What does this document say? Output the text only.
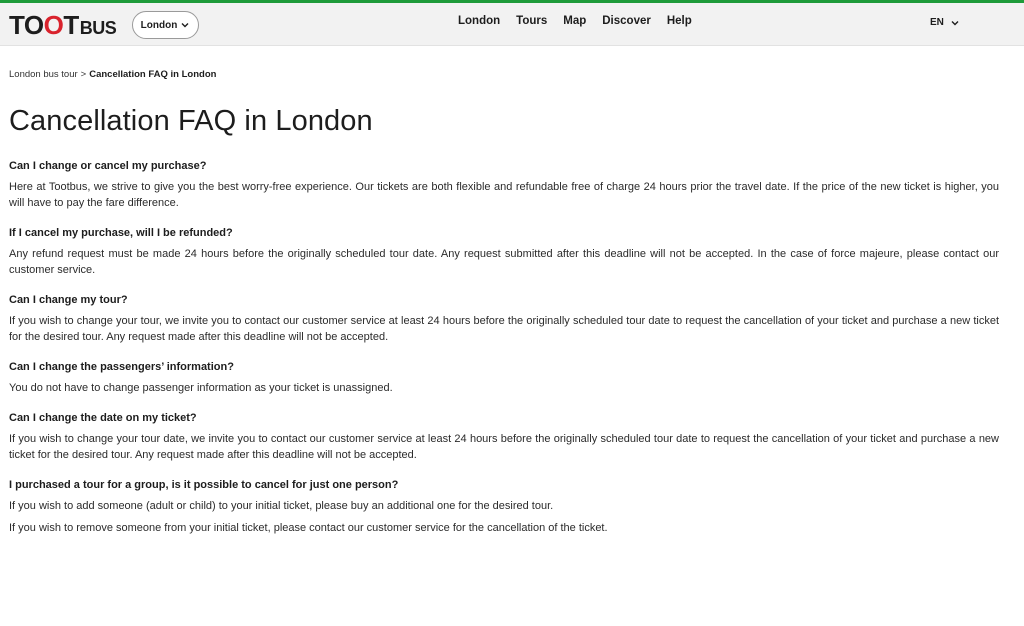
TO O T BUS London	London Tours Map Discover Help	EN
London bus tour > Cancellation FAQ in London
Cancellation FAQ in London
Can I change or cancel my purchase?

Here at Tootbus, we strive to give you the best worry-free experience. Our tickets are both flexible and refundable free of charge 24 hours prior the travel date. If the price of the new ticket is higher, you will have to pay the fare difference.

If I cancel my purchase, will I be refunded?

Any refund request must be made 24 hours before the originally scheduled tour date. Any request submitted after this deadline will not be accepted. In the case of force majeure, please contact our customer service.

Can I change my tour?

If you wish to change your tour, we invite you to contact our customer service at least 24 hours before the originally scheduled tour date to request the cancellation of your ticket and purchase a new ticket for the desired tour. Any request made after this deadline will not be accepted.

Can I change the passengers’ information?

You do not have to change passenger information as your ticket is unassigned.

Can I change the date on my ticket?

If you wish to change your tour date, we invite you to contact our customer service at least 24 hours before the originally scheduled tour date to request the cancellation of your ticket and purchase a new ticket for the desired tour. Any request made after this deadline will not be accepted.

I purchased a tour for a group, is it possible to cancel for just one person?

If you wish to add someone (adult or child) to your initial ticket, please buy an additional one for the desired tour.

If you wish to remove someone from your initial ticket, please contact our customer service for the cancellation of the ticket.
